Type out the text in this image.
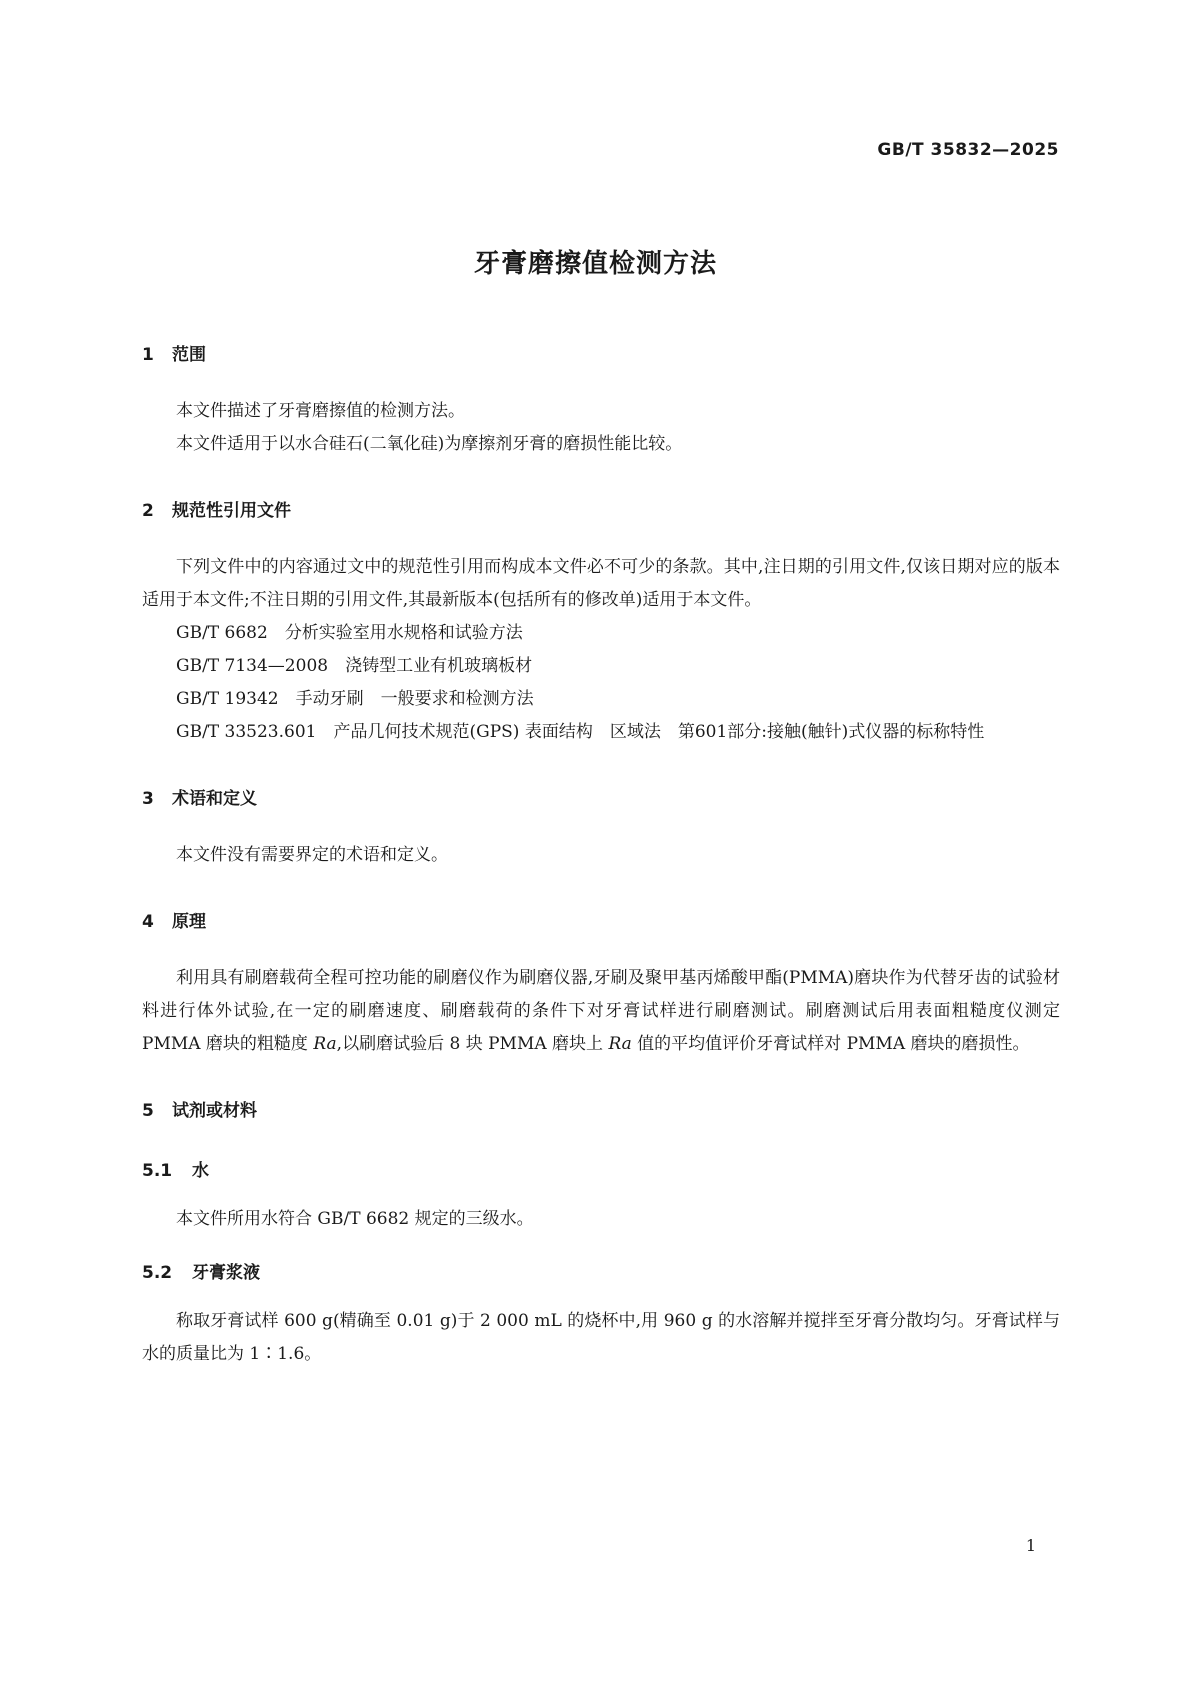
GB/T 35832—2025
牙膏磨擦值检测方法
1 范围

本文件描述了牙膏磨擦值的检测方法。

本文件适用于以水合硅石(二氧化硅)为摩擦剂牙膏的磨损性能比较。

2 规范性引用文件

下列文件中的内容通过文中的规范性引用而构成本文件必不可少的条款。其中,注日期的引用文件,仅该日期对应的版本适用于本文件;不注日期的引用文件,其最新版本(包括所有的修改单)适用于本文件。

GB/T 6682　 分析实验室用水规格和试验方法

GB/T 7134—2008　 浇铸型工业有机玻璃板材

GB/T 19342　 手动牙刷　一般要求和检测方法

GB/T 33523.601　 产品几何技术规范(GPS) 表面结构　区域法　第601部分:接触(触针)式仪器的标称特性

3 术语和定义

本文件没有需要界定的术语和定义。

4 原理

利用具有刷磨载荷全程可控功能的刷磨仪作为刷磨仪器,牙刷及聚甲基丙烯酸甲酯(PMMA)磨块作为代替牙齿的试验材料进行体外试验,在一定的刷磨速度、刷磨载荷的条件下对牙膏试样进行刷磨测试。刷磨测试后用表面粗糙度仪测定 PMMA 磨块的粗糙度 Ra,以刷磨试验后 8 块 PMMA 磨块上 Ra 值的平均值评价牙膏试样对 PMMA 磨块的磨损性。

5 试剂或材料
5.1 水

本文件所用水符合 GB/T 6682 规定的三级水。

5.2 牙膏浆液

称取牙膏试样 600 g(精确至 0.01 g)于 2 000 mL 的烧杯中,用 960 g 的水溶解并搅拌至牙膏分散均匀。牙膏试样与水的质量比为 1∶1.6。

1
